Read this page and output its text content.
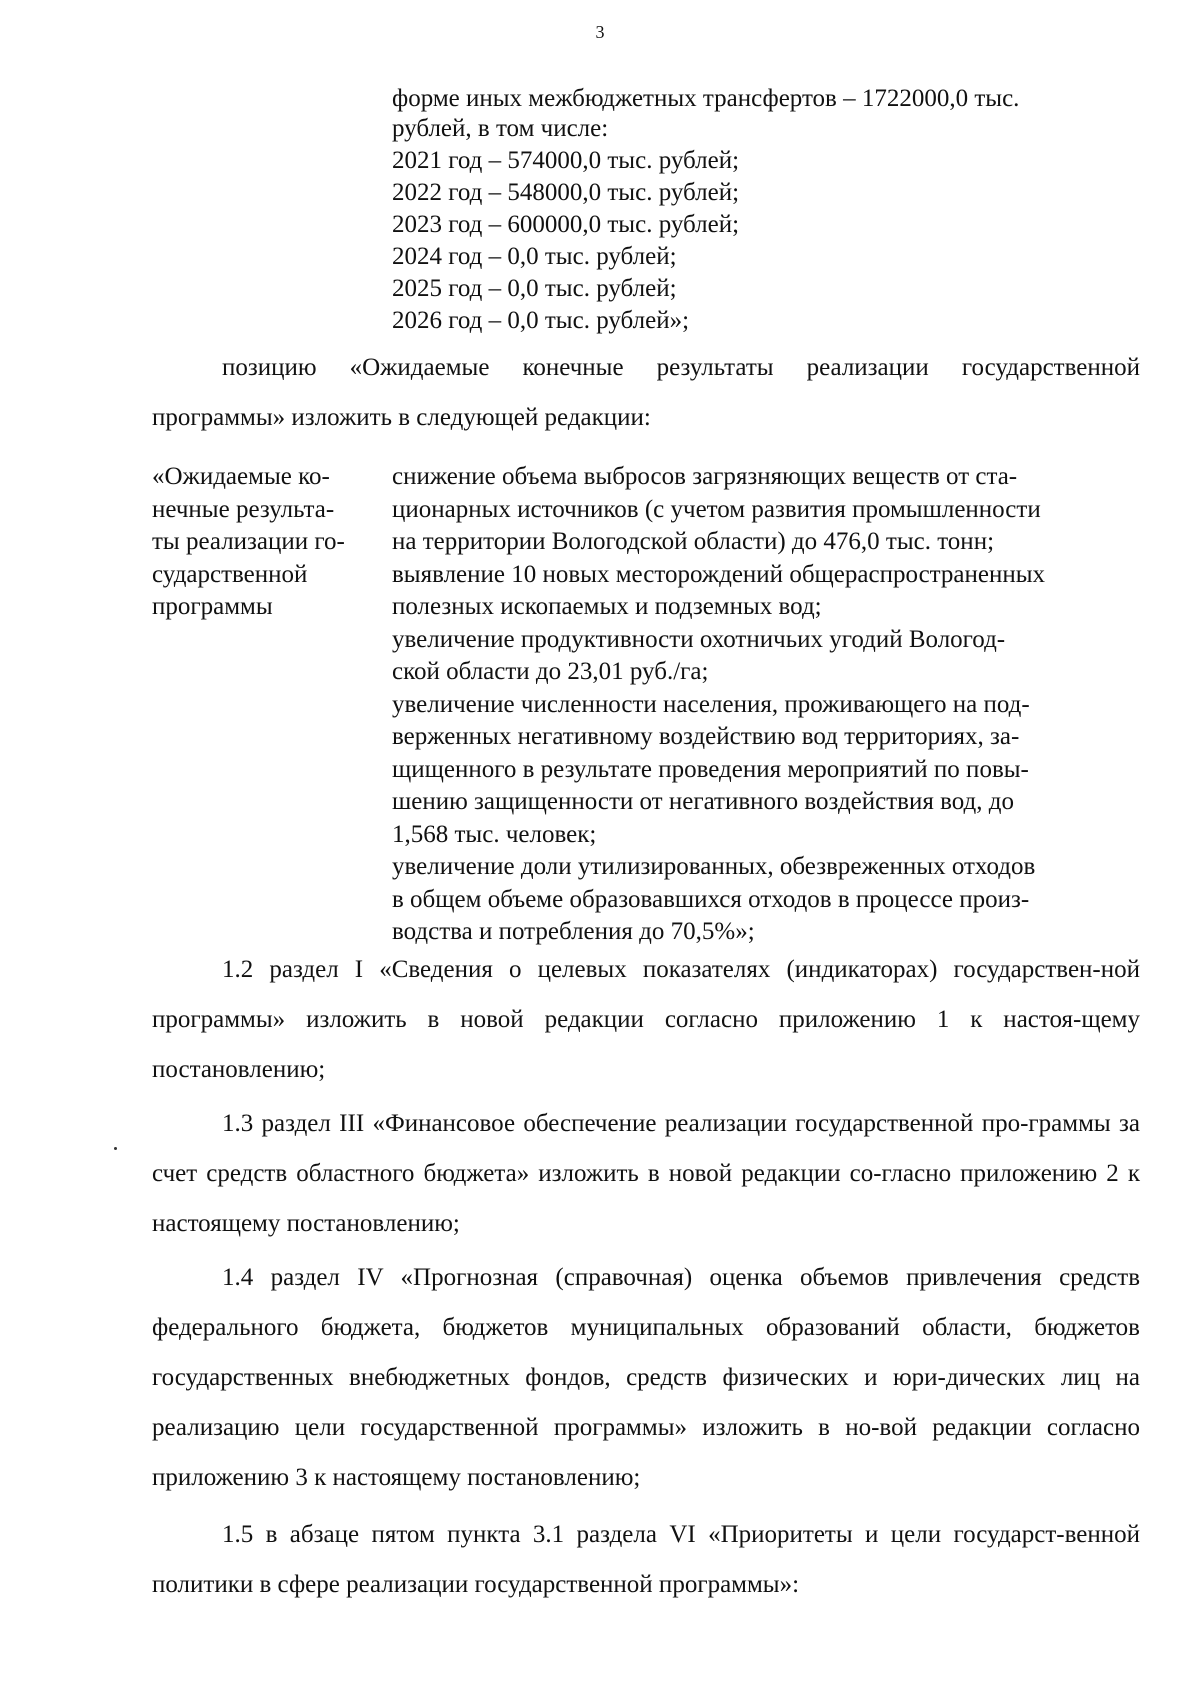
3
форме иных межбюджетных трансфертов – 1722000,0 тыс.
рублей, в том числе:
2021 год – 574000,0 тыс. рублей;
2022 год – 548000,0 тыс. рублей;
2023 год – 600000,0 тыс. рублей;
2024 год – 0,0 тыс. рублей;
2025 год – 0,0 тыс. рублей;
2026 год – 0,0 тыс. рублей»;

позицию «Ожидаемые конечные результаты реализации государственной программы» изложить в следующей редакции:

«Ожидаемые ко-
нечные результа-
ты реализации го-
сударственной
программы
снижение объема выбросов загрязняющих веществ от ста-
ционарных источников (с учетом развития промышленности
на территории Вологодской области) до 476,0 тыс. тонн;
выявление 10 новых месторождений общераспространенных
полезных ископаемых и подземных вод;
увеличение продуктивности охотничьих угодий Вологод-
ской области до 23,01 руб./га;
увеличение численности населения, проживающего на под-
верженных негативному воздействию вод территориях, за-
щищенного в результате проведения мероприятий по повы-
шению защищенности от негативного воздействия вод, до
1,568 тыс. человек;
увеличение доли утилизированных, обезвреженных отходов
в общем объеме образовавшихся отходов в процессе произ-
водства и потребления до 70,5%»;

1.2 раздел I «Сведения о целевых показателях (индикаторах) государствен-ной программы» изложить в новой редакции согласно приложению 1 к настоя-щему постановлению;

1.3 раздел III «Финансовое обеспечение реализации государственной про-граммы за счет средств областного бюджета» изложить в новой редакции со-гласно приложению 2 к настоящему постановлению;

1.4 раздел IV «Прогнозная (справочная) оценка объемов привлечения средств федерального бюджета, бюджетов муниципальных образований области, бюджетов государственных внебюджетных фондов, средств физических и юри-дических лиц на реализацию цели государственной программы» изложить в но-вой редакции согласно приложению 3 к настоящему постановлению;

1.5 в абзаце пятом пункта 3.1 раздела VI «Приоритеты и цели государст-венной политики в сфере реализации государственной программы»:
